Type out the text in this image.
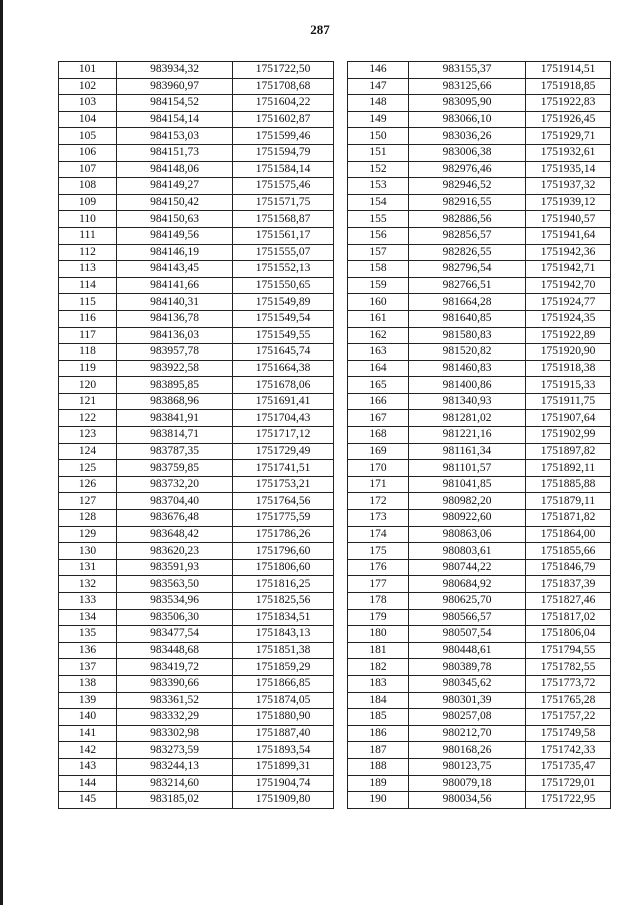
287
101	983934,32	1751722,50
102	983960,97	1751708,68
103	984154,52	1751604,22
104	984154,14	1751602,87
105	984153,03	1751599,46
106	984151,73	1751594,79
107	984148,06	1751584,14
108	984149,27	1751575,46
109	984150,42	1751571,75
110	984150,63	1751568,87
111	984149,56	1751561,17
112	984146,19	1751555,07
113	984143,45	1751552,13
114	984141,66	1751550,65
115	984140,31	1751549,89
116	984136,78	1751549,54
117	984136,03	1751549,55
118	983957,78	1751645,74
119	983922,58	1751664,38
120	983895,85	1751678,06
121	983868,96	1751691,41
122	983841,91	1751704,43
123	983814,71	1751717,12
124	983787,35	1751729,49
125	983759,85	1751741,51
126	983732,20	1751753,21
127	983704,40	1751764,56
128	983676,48	1751775,59
129	983648,42	1751786,26
130	983620,23	1751796,60
131	983591,93	1751806,60
132	983563,50	1751816,25
133	983534,96	1751825,56
134	983506,30	1751834,51
135	983477,54	1751843,13
136	983448,68	1751851,38
137	983419,72	1751859,29
138	983390,66	1751866,85
139	983361,52	1751874,05
140	983332,29	1751880,90
141	983302,98	1751887,40
142	983273,59	1751893,54
143	983244,13	1751899,31
144	983214,60	1751904,74
145	983185,02	1751909,80
146	983155,37	1751914,51
147	983125,66	1751918,85
148	983095,90	1751922,83
149	983066,10	1751926,45
150	983036,26	1751929,71
151	983006,38	1751932,61
152	982976,46	1751935,14
153	982946,52	1751937,32
154	982916,55	1751939,12
155	982886,56	1751940,57
156	982856,57	1751941,64
157	982826,55	1751942,36
158	982796,54	1751942,71
159	982766,51	1751942,70
160	981664,28	1751924,77
161	981640,85	1751924,35
162	981580,83	1751922,89
163	981520,82	1751920,90
164	981460,83	1751918,38
165	981400,86	1751915,33
166	981340,93	1751911,75
167	981281,02	1751907,64
168	981221,16	1751902,99
169	981161,34	1751897,82
170	981101,57	1751892,11
171	981041,85	1751885,88
172	980982,20	1751879,11
173	980922,60	1751871,82
174	980863,06	1751864,00
175	980803,61	1751855,66
176	980744,22	1751846,79
177	980684,92	1751837,39
178	980625,70	1751827,46
179	980566,57	1751817,02
180	980507,54	1751806,04
181	980448,61	1751794,55
182	980389,78	1751782,55
183	980345,62	1751773,72
184	980301,39	1751765,28
185	980257,08	1751757,22
186	980212,70	1751749,58
187	980168,26	1751742,33
188	980123,75	1751735,47
189	980079,18	1751729,01
190	980034,56	1751722,95
